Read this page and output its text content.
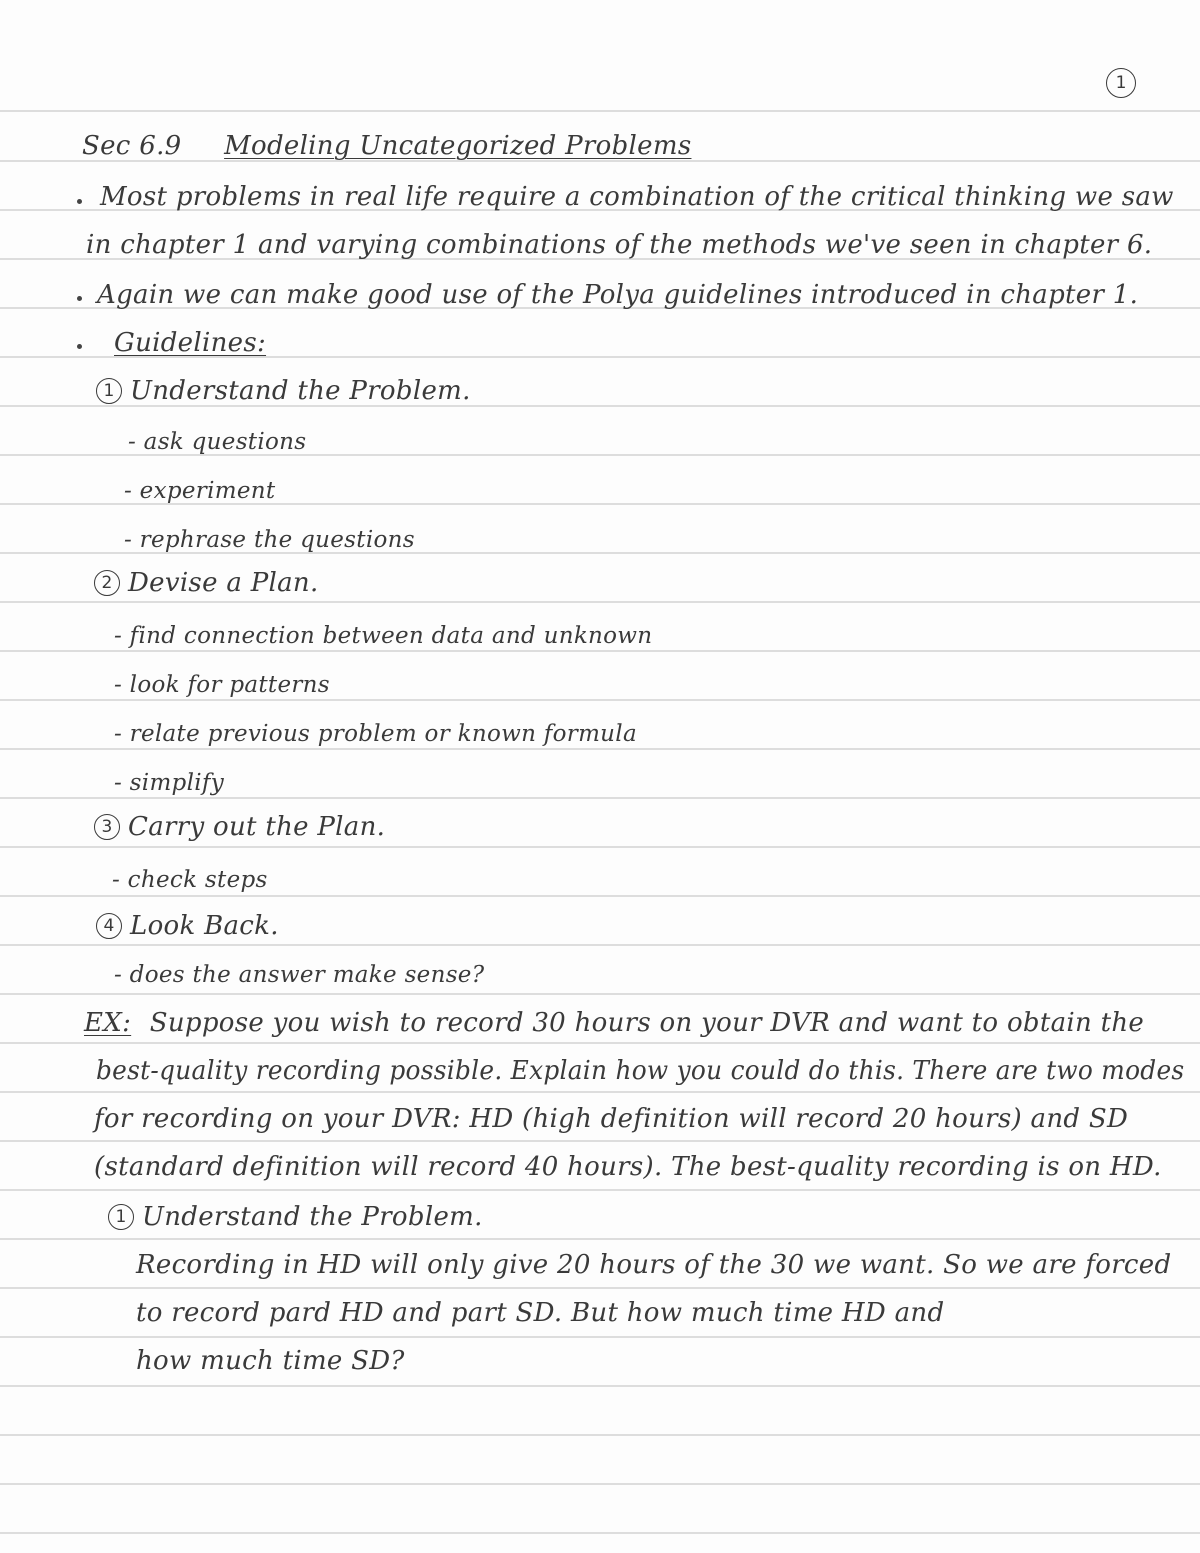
1
Sec 6.9 Modeling Uncategorized Problems
Most problems in real life require a combination of the critical thinking we saw
in chapter 1 and varying combinations of the methods we've seen in chapter 6.
Again we can make good use of the Polya guidelines introduced in chapter 1.
Guidelines:
1 Understand the Problem.
- ask questions
- experiment
- rephrase the questions
2 Devise a Plan.
- find connection between data and unknown
- look for patterns
- relate previous problem or known formula
- simplify
3 Carry out the Plan.
- check steps
4 Look Back.
- does the answer make sense?
EX: Suppose you wish to record 30 hours on your DVR and want to obtain the
best-quality recording possible. Explain how you could do this. There are two modes
for recording on your DVR: HD (high definition will record 20 hours) and SD
(standard definition will record 40 hours). The best-quality recording is on HD.
1 Understand the Problem.
Recording in HD will only give 20 hours of the 30 we want. So we are forced
to record pard HD and part SD. But how much time HD and
how much time SD?
